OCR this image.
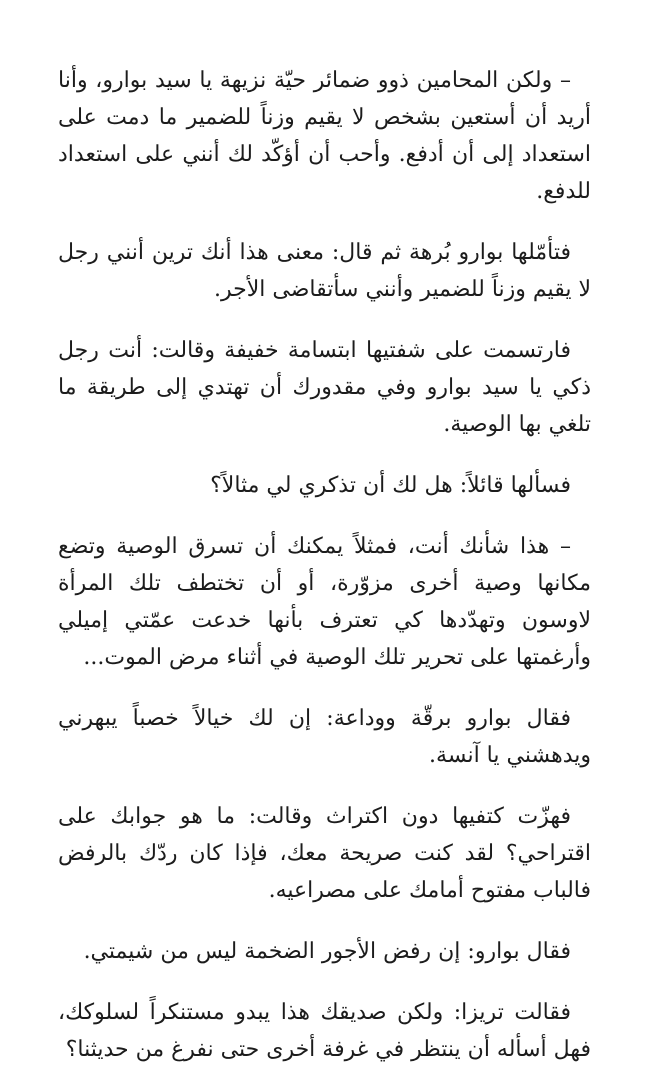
– ولكن المحامين ذوو ضمائر حيّة نزيهة يا سيد بوارو، وأنا أريد أن أستعين بشخص لا يقيم وزناً للضمير ما دمت على استعداد إلى أن أدفع. وأحب أن أؤكّد لك أنني على استعداد للدفع.

فتأمّلها بوارو بُرهة ثم قال: معنى هذا أنك ترين أنني رجل لا يقيم وزناً للضمير وأنني سأتقاضى الأجر.

فارتسمت على شفتيها ابتسامة خفيفة وقالت: أنت رجل ذكي يا سيد بوارو وفي مقدورك أن تهتدي إلى طريقة ما تلغي بها الوصية.

فسألها قائلاً: هل لك أن تذكري لي مثالاً؟

– هذا شأنك أنت، فمثلاً يمكنك أن تسرق الوصية وتضع مكانها وصية أخرى مزوّرة، أو أن تختطف تلك المرأة لاوسون وتهدّدها كي تعترف بأنها خدعت عمّتي إميلي وأرغمتها على تحرير تلك الوصية في أثناء مرض الموت...

فقال بوارو برقّة ووداعة: إن لك خيالاً خصباً يبهرني ويدهشني يا آنسة.

فهزّت كتفيها دون اكتراث وقالت: ما هو جوابك على اقتراحي؟ لقد كنت صريحة معك، فإذا كان ردّك بالرفض فالباب مفتوح أمامك على مصراعيه.

فقال بوارو: إن رفض الأجور الضخمة ليس من شيمتي.

فقالت تريزا: ولكن صديقك هذا يبدو مستنكراً لسلوكك، فهل أسأله أن ينتظر في غرفة أخرى حتى نفرغ من حديثنا؟
